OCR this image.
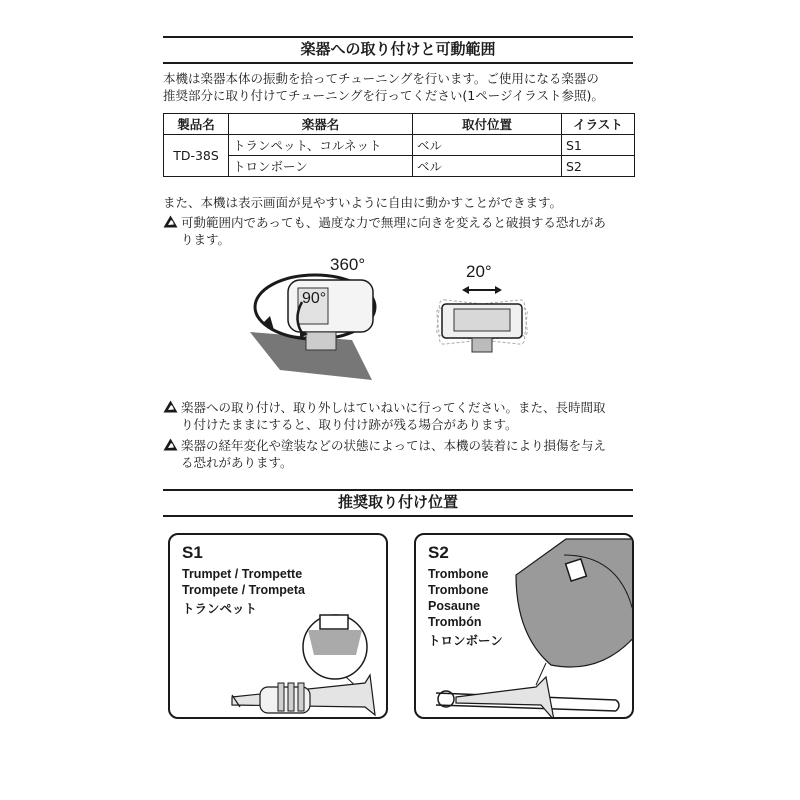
楽器への取り付けと可動範囲
本機は楽器本体の振動を拾ってチューニングを行います。ご使用になる楽器の
推奨部分に取り付けてチューニングを行ってください(1ページイラスト参照)。
製品名	楽器名	取付位置	イラスト
TD-38S	トランペット、コルネット	ベル	S1
	トロンボーン	ベル	S2
また、本機は表示画面が見やすいように自由に動かすことができます。
可動範囲内であっても、過度な力で無理に向きを変えると破損する恐れがあ
ります。
360°
90°
20°
楽器への取り付け、取り外しはていねいに行ってください。また、長時間取
り付けたままにすると、取り付け跡が残る場合があります。
楽器の経年変化や塗装などの状態によっては、本機の装着により損傷を与え
る恐れがあります。
推奨取り付け位置
S1
Trumpet / Trompette
Trompete / Trompeta
トランペット
S2
Trombone
Trombone
Posaune
Trombón
トロンボーン
